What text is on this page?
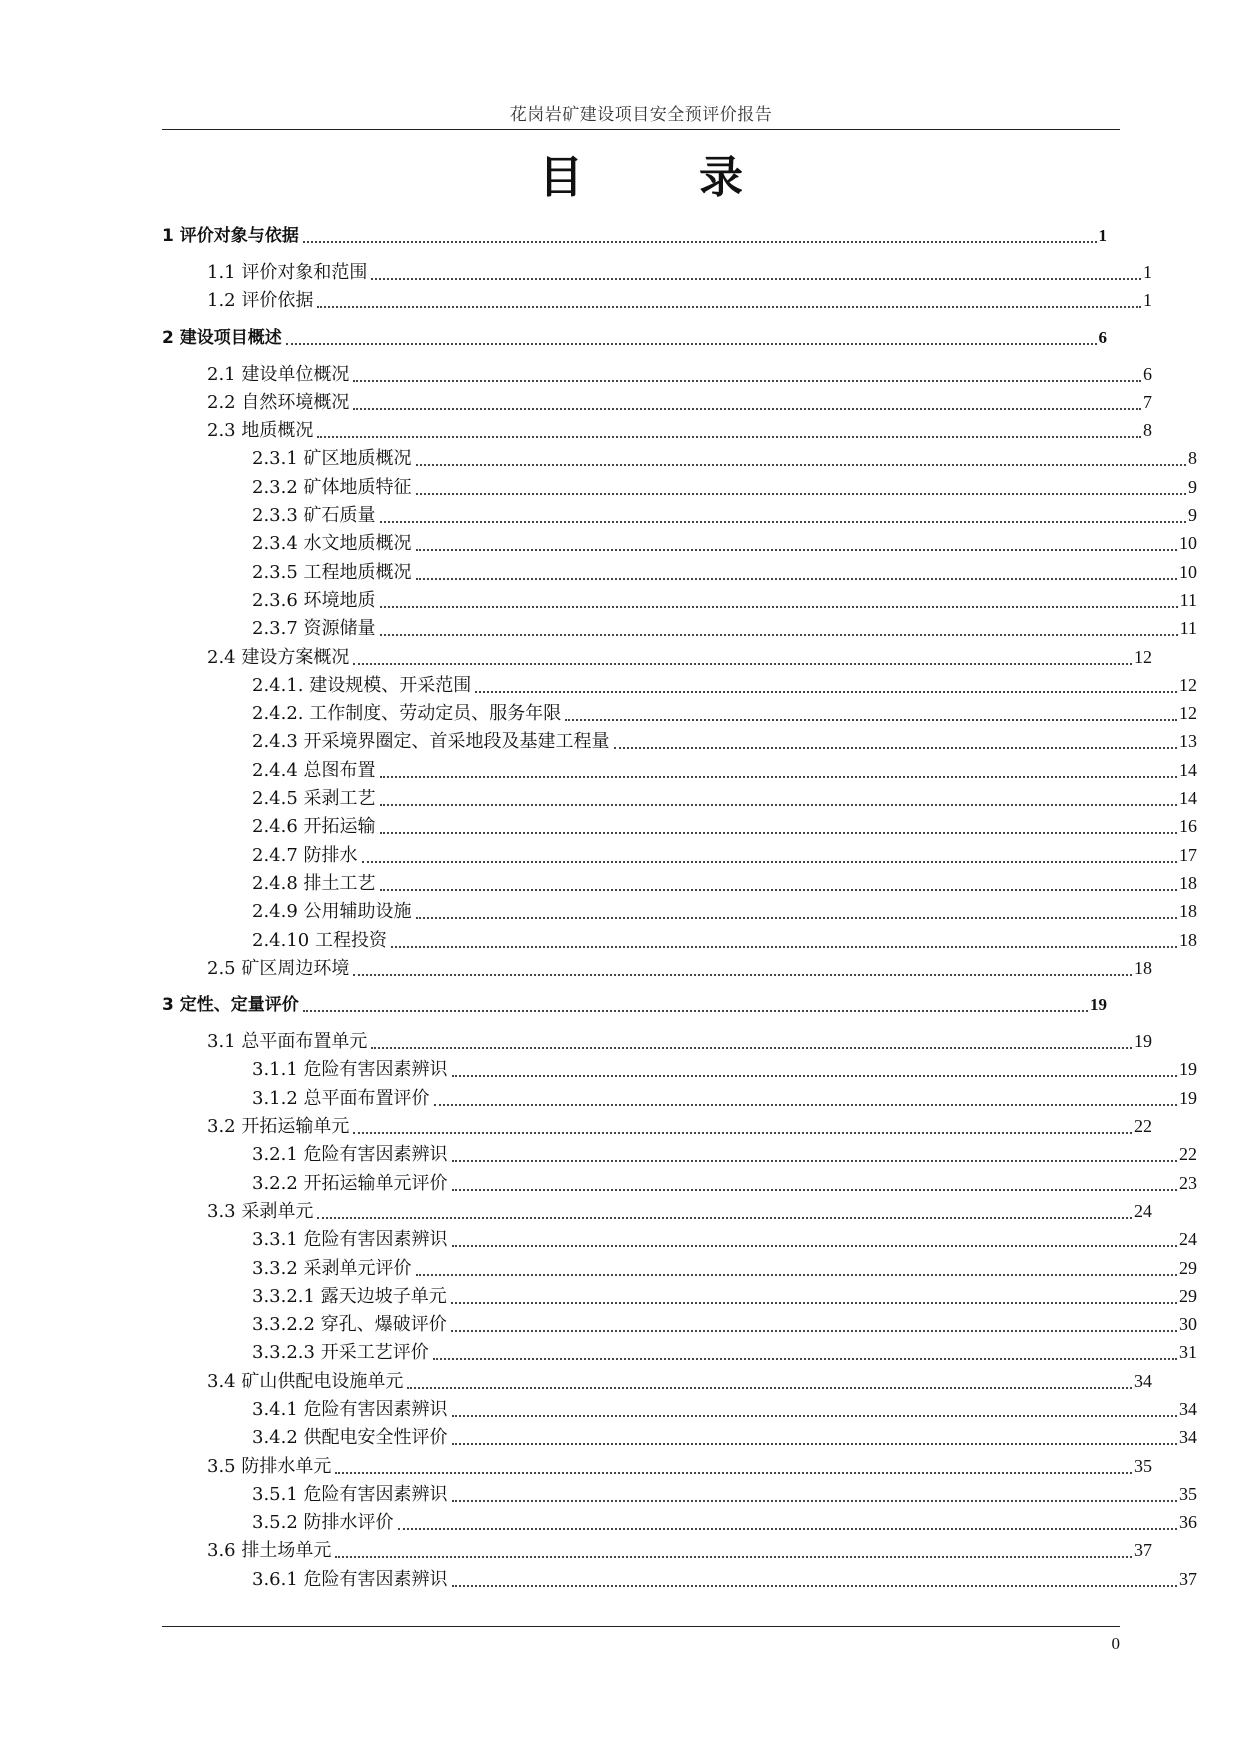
花岗岩矿建设项目安全预评价报告
目　录
1 评价对象与依据	1
1.1 评价对象和范围	1
1.2 评价依据	1
2 建设项目概述	6
2.1 建设单位概况	6
2.2 自然环境概况	7
2.3 地质概况	8
2.3.1 矿区地质概况	8
2.3.2 矿体地质特征	9
2.3.3 矿石质量	9
2.3.4 水文地质概况	10
2.3.5 工程地质概况	10
2.3.6 环境地质	11
2.3.7 资源储量	11
2.4 建设方案概况	12
2.4.1. 建设规模、开采范围	12
2.4.2. 工作制度、劳动定员、服务年限	12
2.4.3 开采境界圈定、首采地段及基建工程量	13
2.4.4 总图布置	14
2.4.5 采剥工艺	14
2.4.6 开拓运输	16
2.4.7 防排水	17
2.4.8 排土工艺	18
2.4.9 公用辅助设施	18
2.4.10 工程投资	18
2.5 矿区周边环境	18
3 定性、定量评价	19
3.1 总平面布置单元	19
3.1.1 危险有害因素辨识	19
3.1.2 总平面布置评价	19
3.2 开拓运输单元	22
3.2.1 危险有害因素辨识	22
3.2.2 开拓运输单元评价	23
3.3 采剥单元	24
3.3.1 危险有害因素辨识	24
3.3.2 采剥单元评价	29
3.3.2.1 露天边坡子单元	29
3.3.2.2 穿孔、爆破评价	30
3.3.2.3 开采工艺评价	31
3.4 矿山供配电设施单元	34
3.4.1 危险有害因素辨识	34
3.4.2 供配电安全性评价	34
3.5 防排水单元	35
3.5.1 危险有害因素辨识	35
3.5.2 防排水评价	36
3.6 排土场单元	37
3.6.1 危险有害因素辨识	37
0
